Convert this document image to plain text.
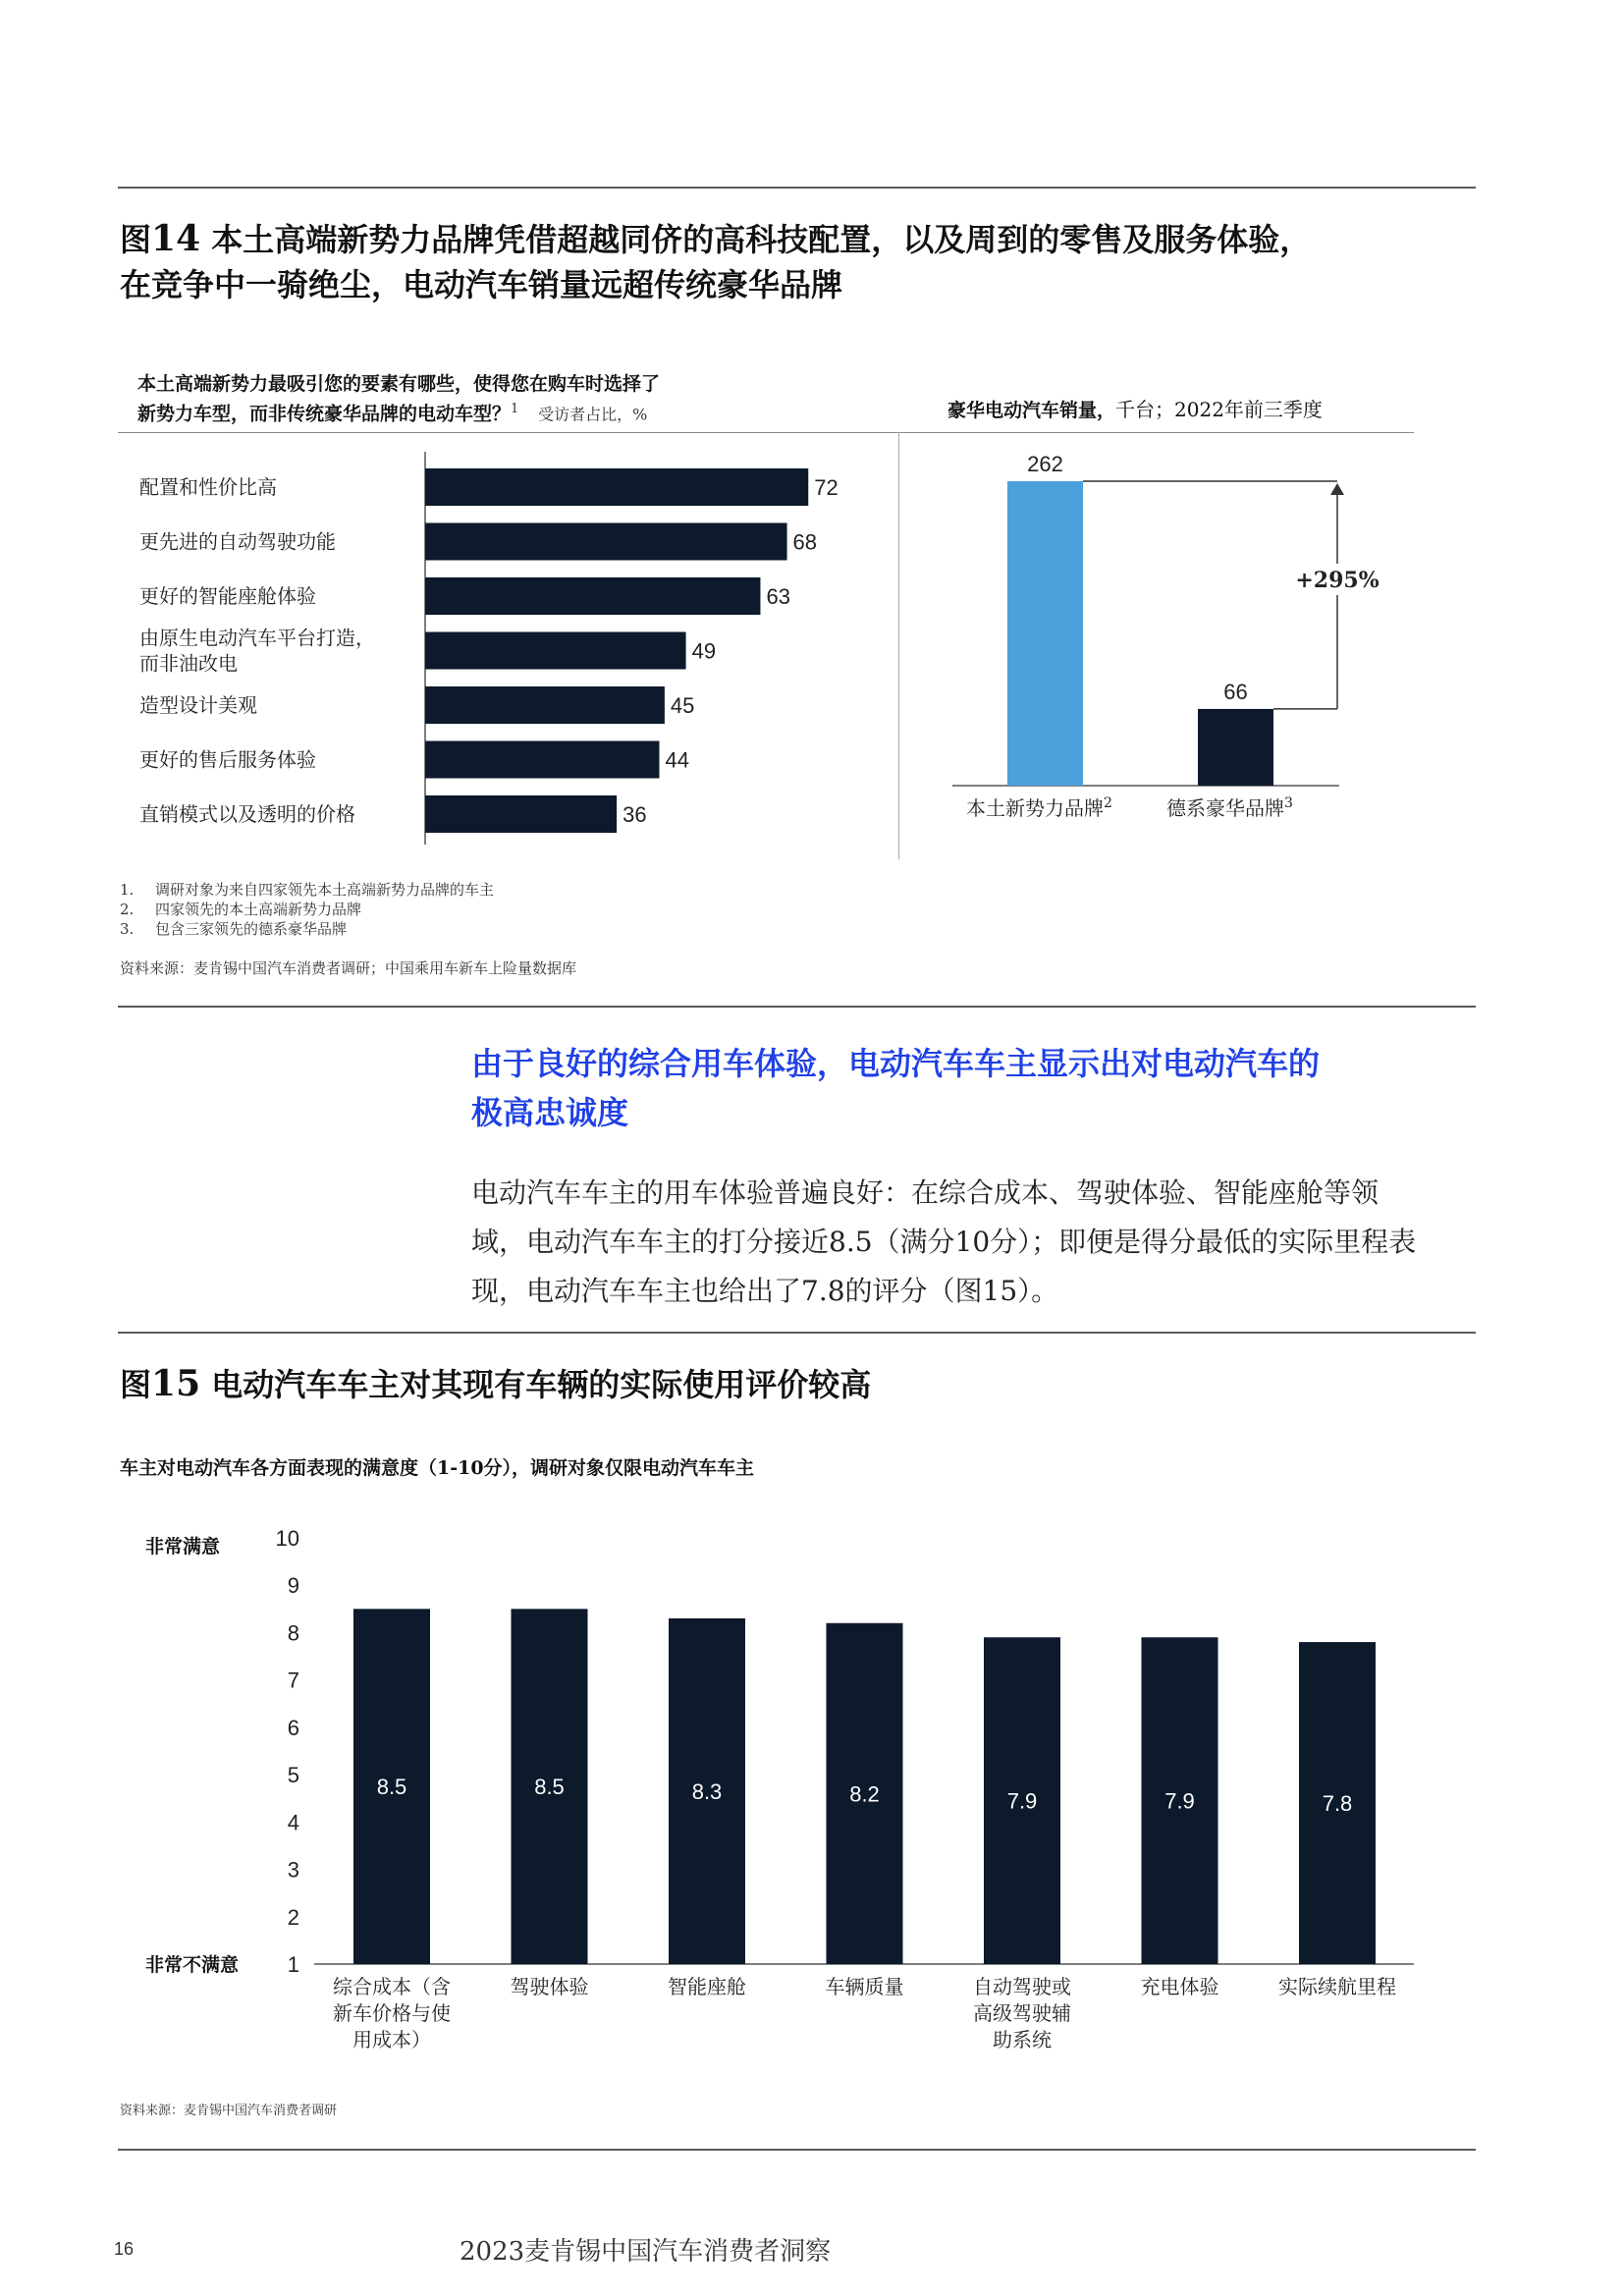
图14 本土高端新势力品牌凭借超越同侪的高科技配置，以及周到的零售及服务体验，
在竞争中一骑绝尘，电动汽车销量远超传统豪华品牌
本土高端新势力最吸引您的要素有哪些，使得您在购车时选择了
新势力车型，而非传统豪华品牌的电动车型？$^1$ 受访者占比，%	豪华电动汽车销量，千台；2022年前三季度
72
配置和性价比高
68
更先进的自动驾驶功能
63
更好的智能座舱体验
49
由原生电动汽车平台打造，
而非油改电
45
造型设计美观
44
更好的售后服务体验
36
直销模式以及透明的价格
262
本土新势力品牌$^2$
66
德系豪华品牌$^3$
+295%
1. 调研对象为来自四家领先本土高端新势力品牌的车主
2. 四家领先的本土高端新势力品牌
3. 包含三家领先的德系豪华品牌
资料来源：麦肯锡中国汽车消费者调研；中国乘用车新车上险量数据库
由于良好的综合用车体验，电动汽车车主显示出对电动汽车的
极高忠诚度
电动汽车车主的用车体验普遍良好：在综合成本、驾驶体验、智能座舱等领
域，电动汽车车主的打分接近8.5（满分10分）；即便是得分最低的实际里程表
现，电动汽车车主也给出了7.8的评分（图15）。
图15 电动汽车车主对其现有车辆的实际使用评价较高
车主对电动汽车各方面表现的满意度（1-10分），调研对象仅限电动汽车车主
非常满意
非常不满意 1
2
3
4
5
6
7
8
9
10
8.5
综合成本（含
新车价格与使
用成本）
8.5
驾驶体验
8.3
智能座舱
8.2
车辆质量
7.9
自动驾驶或
高级驾驶辅
助系统
7.9
充电体验
7.8
实际续航里程
资料来源：麦肯锡中国汽车消费者调研
16	2023麦肯锡中国汽车消费者洞察
